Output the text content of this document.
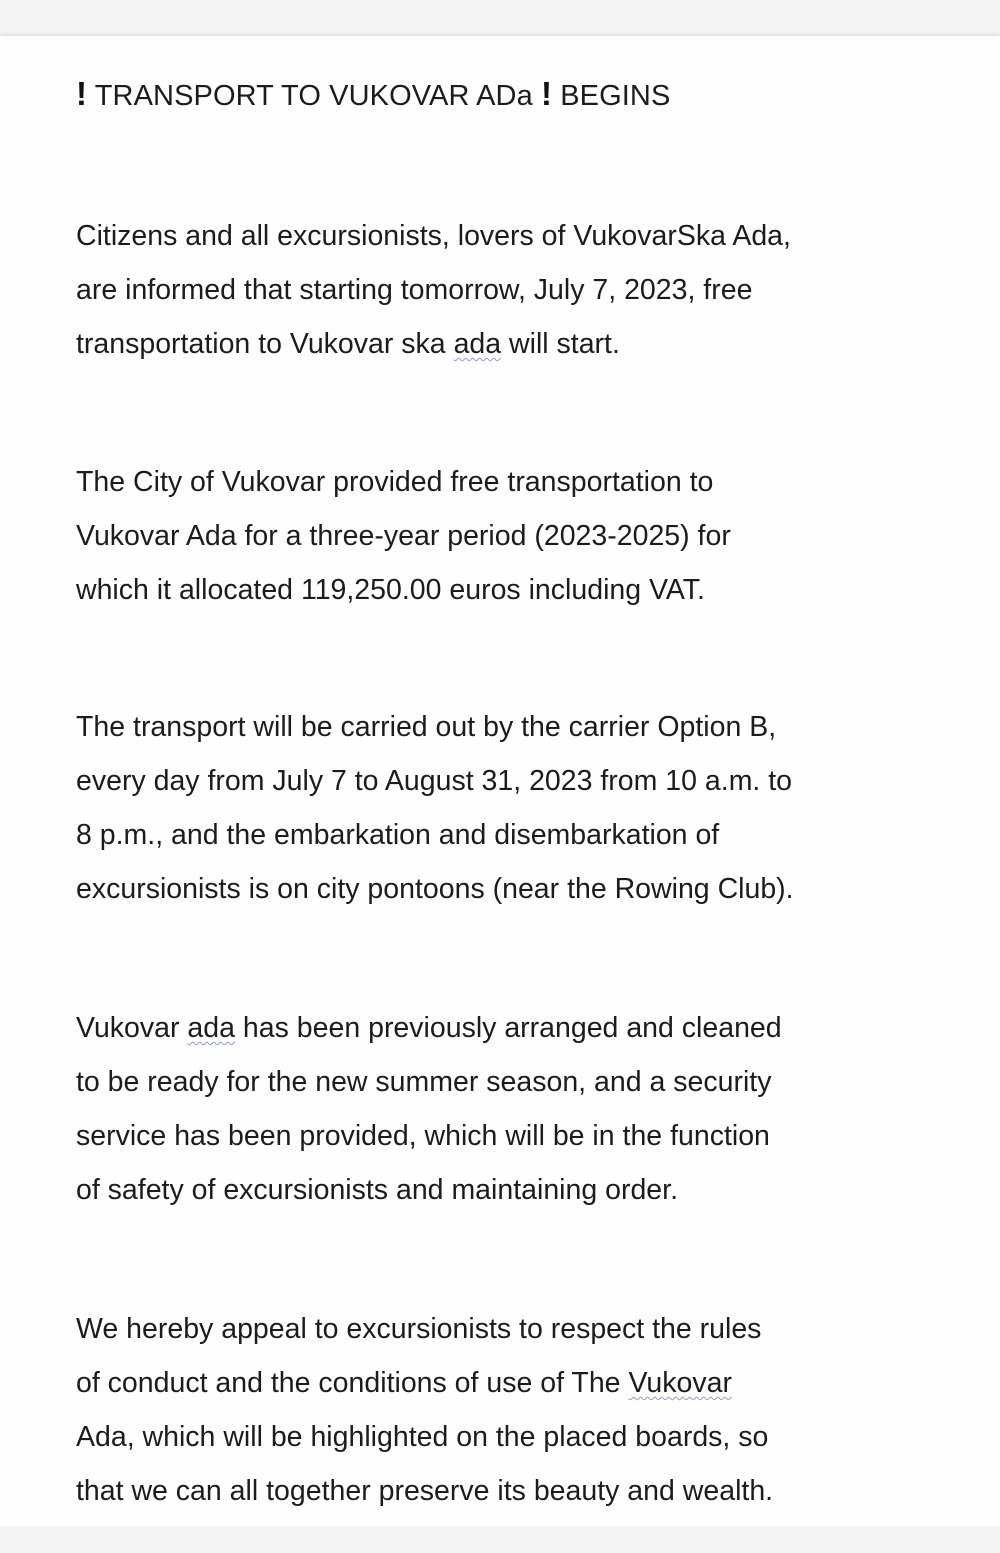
! TRANSPORT TO VUKOVAR ADa ! BEGINS

Citizens and all excursionists, lovers of VukovarSka Ada,
are informed that starting tomorrow, July 7, 2023, free
transportation to Vukovar ska ada will start.

The City of Vukovar provided free transportation to
Vukovar Ada for a three-year period (2023-2025) for
which it allocated 119,250.00 euros including VAT.

The transport will be carried out by the carrier Option B,
every day from July 7 to August 31, 2023 from 10 a.m. to
8 p.m., and the embarkation and disembarkation of
excursionists is on city pontoons (near the Rowing Club).

Vukovar ada has been previously arranged and cleaned
to be ready for the new summer season, and a security
service has been provided, which will be in the function
of safety of excursionists and maintaining order.

We hereby appeal to excursionists to respect the rules
of conduct and the conditions of use of The Vukovar
Ada, which will be highlighted on the placed boards, so
that we can all together preserve its beauty and wealth.
